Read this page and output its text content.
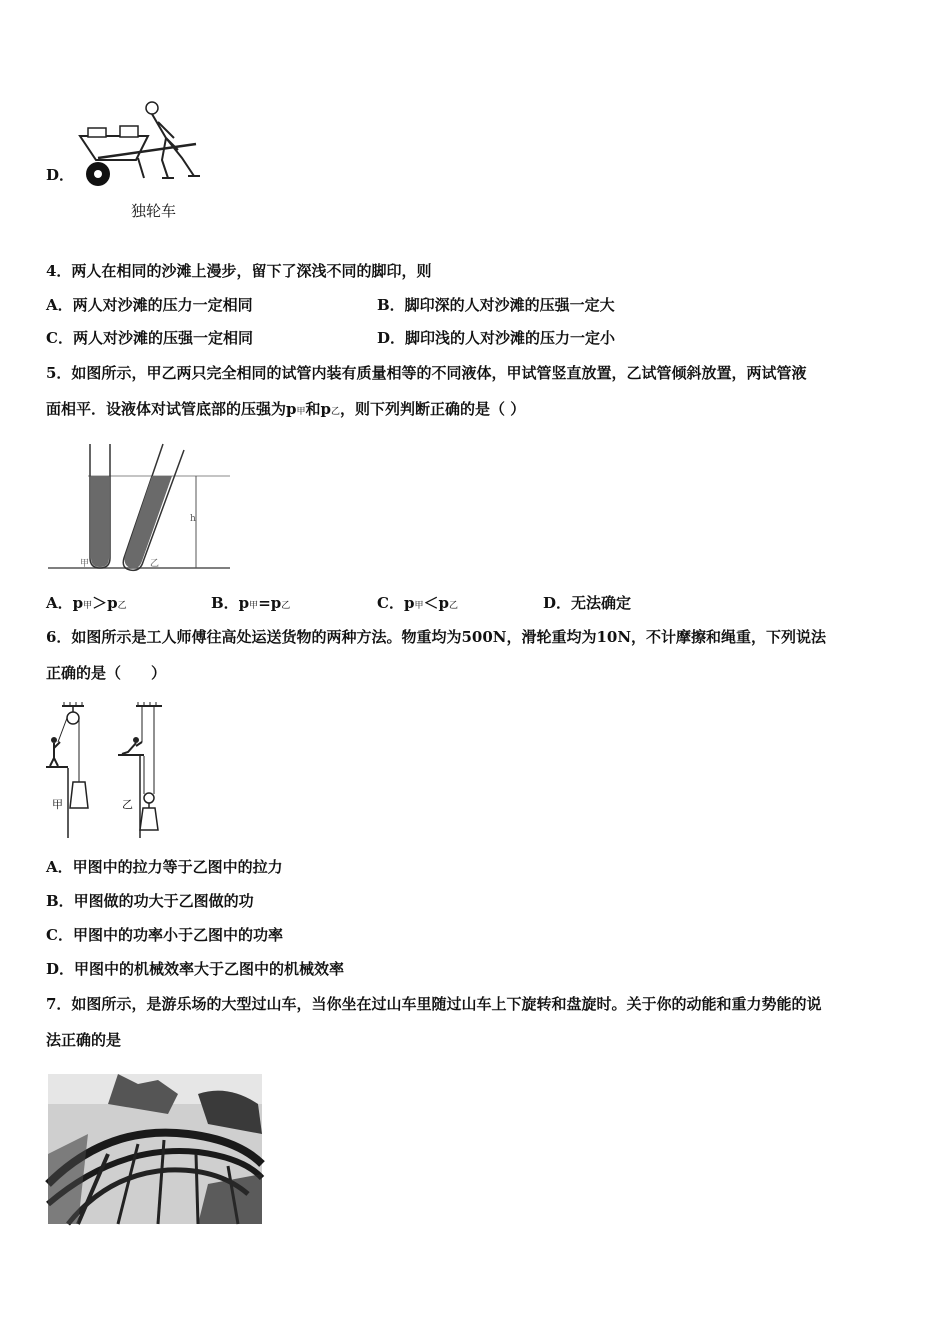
D．
独轮车
4．两人在相同的沙滩上漫步，留下了深浅不同的脚印，则
A．两人对沙滩的压力一定相同	B．脚印深的人对沙滩的压强一定大
C．两人对沙滩的压强一定相同	D．脚印浅的人对沙滩的压力一定小
5．如图所示，甲乙两只完全相同的试管内装有质量相等的不同液体，甲试管竖直放置，乙试管倾斜放置，两试管液
面相平．设液体对试管底部的压强为p甲和p乙，则下列判断正确的是（ ）
甲	乙
h
A．p甲＞p乙	B．p甲=p乙	C．p甲＜p乙	D．无法确定
6．如图所示是工人师傅往高处运送货物的两种方法。物重均为500N，滑轮重均为10N，不计摩擦和绳重，下列说法
正确的是（　　）
甲	乙
A．甲图中的拉力等于乙图中的拉力
B．甲图做的功大于乙图做的功
C．甲图中的功率小于乙图中的功率
D．甲图中的机械效率大于乙图中的机械效率
7．如图所示，是游乐场的大型过山车，当你坐在过山车里随过山车上下旋转和盘旋时。关于你的动能和重力势能的说
法正确的是
